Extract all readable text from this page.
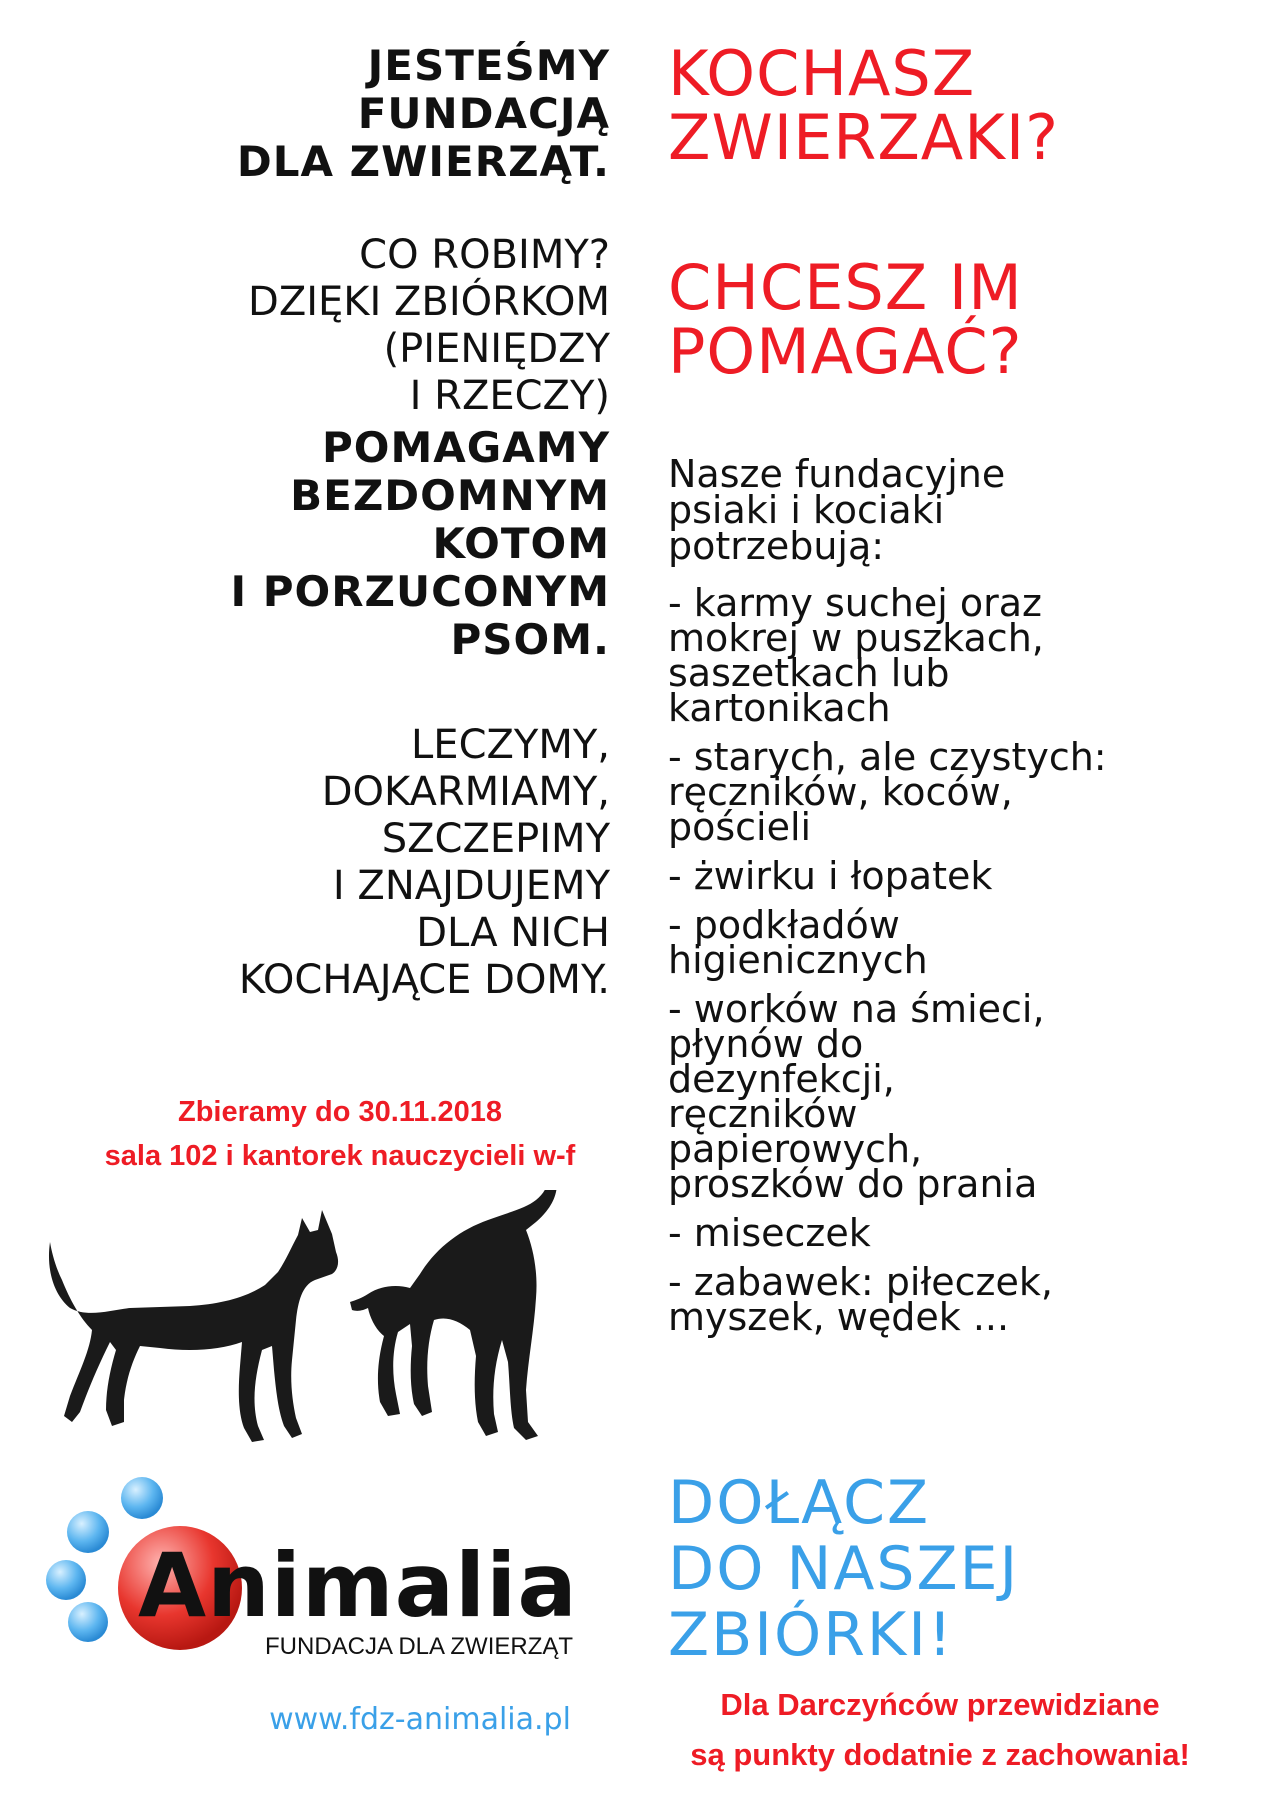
JESTEŚMY
FUNDACJĄ
DLA ZWIERZĄT.
CO ROBIMY?
DZIĘKI ZBIÓRKOM
(PIENIĘDZY
I RZECZY)
POMAGAMY
BEZDOMNYM
KOTOM
I PORZUCONYM
PSOM.
LECZYMY,
DOKARMIAMY,
SZCZEPIMY
I ZNAJDUJEMY
DLA NICH
KOCHAJĄCE DOMY.
Zbieramy do 30.11.2018
sala 102 i kantorek nauczycieli w-f
Animalia
FUNDACJA DLA ZWIERZĄT
www.fdz-animalia.pl
KOCHASZ
ZWIERZAKI?
CHCESZ IM
POMAGAĆ?
Nasze fundacyjne
psiaki i kociaki
potrzebują:
- karmy suchej oraz
mokrej w puszkach,
saszetkach lub
kartonikach
- starych, ale czystych:
ręczników, koców,
pościeli
- żwirku i łopatek
- podkładów
higienicznych
- worków na śmieci,
płynów do
dezynfekcji,
ręczników
papierowych,
proszków do prania
- miseczek
- zabawek: piłeczek,
myszek, wędek ...
DOŁĄCZ
DO NASZEJ
ZBIÓRKI!
Dla Darczyńców przewidziane
są punkty dodatnie z zachowania!
